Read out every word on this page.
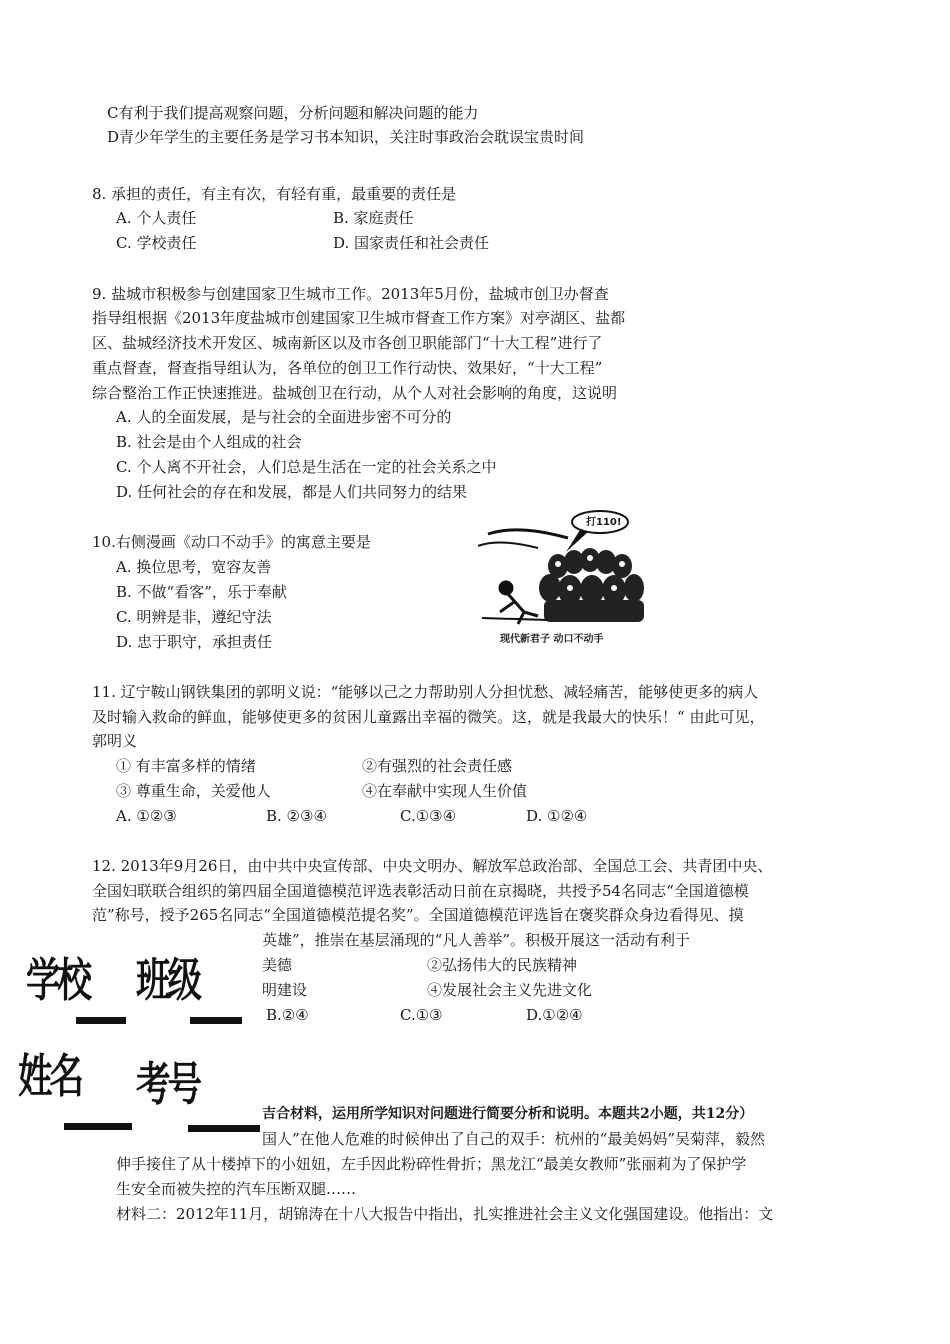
C有利于我们提高观察问题，分析问题和解决问题的能力
D青少年学生的主要任务是学习书本知识，关注时事政治会耽误宝贵时间
8. 承担的责任，有主有次，有轻有重，最重要的责任是
A. 个人责任	B. 家庭责任
C. 学校责任	D. 国家责任和社会责任
9. 盐城市积极参与创建国家卫生城市工作。2013年5月份，盐城市创卫办督查
指导组根据《2013年度盐城市创建国家卫生城市督查工作方案》对亭湖区、盐都
区、盐城经济技术开发区、城南新区以及市各创卫职能部门“十大工程”进行了
重点督查，督查指导组认为，各单位的创卫工作行动快、效果好，“十大工程”
综合整治工作正快速推进。盐城创卫在行动，从个人对社会影响的角度，这说明
A. 人的全面发展，是与社会的全面进步密不可分的
B. 社会是由个人组成的社会
C. 个人离不开社会，人们总是生活在一定的社会关系之中
D. 任何社会的存在和发展，都是人们共同努力的结果
10.右侧漫画《动口不动手》的寓意主要是
A. 换位思考，宽容友善
B. 不做“看客”，乐于奉献
C. 明辨是非，遵纪守法
D. 忠于职守，承担责任
打110!
现代新君子 动口不动手
11. 辽宁鞍山钢铁集团的郭明义说：“能够以己之力帮助别人分担忧愁、减轻痛苦，能够使更多的病人
及时输入救命的鲜血，能够使更多的贫困儿童露出幸福的微笑。这，就是我最大的快乐！“ 由此可见，
郭明义
① 有丰富多样的情绪	②有强烈的社会责任感
③ 尊重生命，关爱他人	④在奉献中实现人生价值
A. ①②③	B. ②③④	C.①③④	D. ①②④
12. 2013年9月26日，由中共中央宣传部、中央文明办、解放军总政治部、全国总工会、共青团中央、
全国妇联联合组织的第四届全国道德模范评选表彰活动日前在京揭晓，共授予54名同志“全国道德模
范”称号，授予265名同志“全国道德模范提名奖”。全国道德模范评选旨在褒奖群众身边看得见、摸
英雄”，推崇在基层涌现的“凡人善举”。积极开展这一活动有利于
美德	②弘扬伟大的民族精神
明建设	④发展社会主义先进文化
B.②④	C.①③	D.①②④
吉合材料，运用所学知识对问题进行简要分析和说明。本题共2小题，共12分）
国人”在他人危难的时候伸出了自己的双手：杭州的“最美妈妈”吴菊萍，毅然
伸手接住了从十楼掉下的小妞妞，左手因此粉碎性骨折；黑龙江“最美女教师”张丽莉为了保护学
生安全而被失控的汽车压断双腿……
材料二：2012年11月，胡锦涛在十八大报告中指出，扎实推进社会主义文化强国建设。他指出：文
学校 班级
姓名 考号
